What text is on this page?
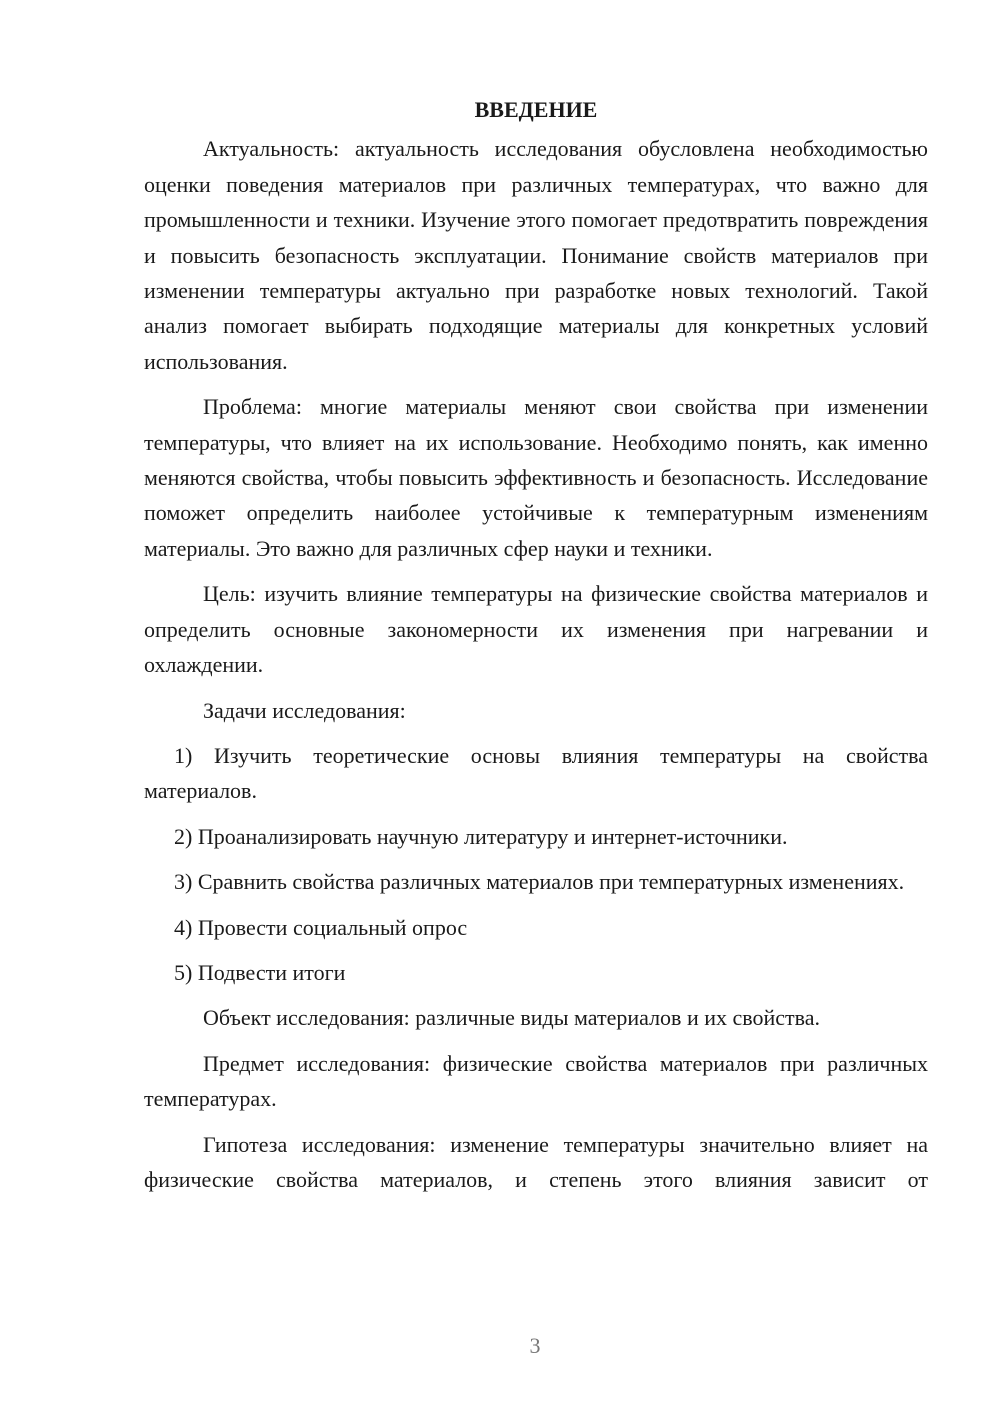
ВВЕДЕНИЕ

Актуальность: актуальность исследования обусловлена необходимостью оценки поведения материалов при различных температурах, что важно для промышленности и техники. Изучение этого помогает предотвратить повреждения и повысить безопасность эксплуатации. Понимание свойств материалов при изменении температуры актуально при разработке новых технологий. Такой анализ помогает выбирать подходящие материалы для конкретных условий использования.

Проблема: многие материалы меняют свои свойства при изменении температуры, что влияет на их использование. Необходимо понять, как именно меняются свойства, чтобы повысить эффективность и безопасность. Исследование поможет определить наиболее устойчивые к температурным изменениям материалы. Это важно для различных сфер науки и техники.

Цель: изучить влияние температуры на физические свойства материалов и определить основные закономерности их изменения при нагревании и охлаждении.

Задачи исследования:

1) Изучить теоретические основы влияния температуры на свойства материалов.

2) Проанализировать научную литературу и интернет-источники.

3) Сравнить свойства различных материалов при температурных изменениях.

4) Провести социальный опрос

5) Подвести итоги

Объект исследования: различные виды материалов и их свойства.

Предмет исследования: физические свойства материалов при различных температурах.

Гипотеза исследования: изменение температуры значительно влияет на физические свойства материалов, и степень этого влияния зависит от

3
